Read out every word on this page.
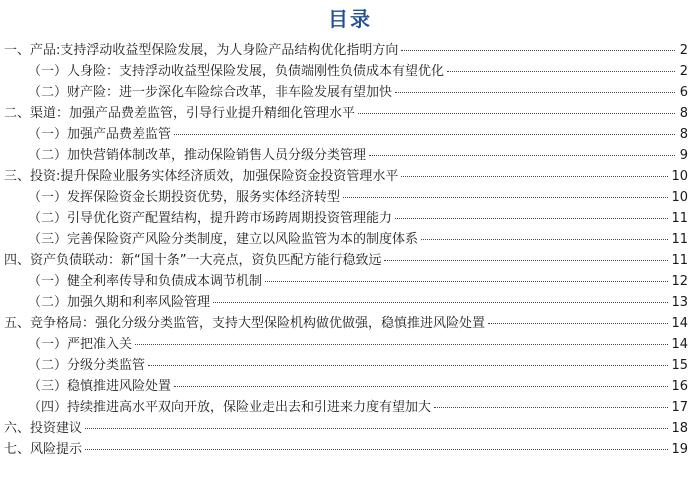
目录
一、产品:支持浮动收益型保险发展，为人身险产品结构优化指明方向	2
（一）人身险：支持浮动收益型保险发展，负债端刚性负债成本有望优化	2
（二）财产险：进一步深化车险综合改革，非车险发展有望加快	6
二、渠道：加强产品费差监管，引导行业提升精细化管理水平	8
（一）加强产品费差监管	8
（二）加快营销体制改革，推动保险销售人员分级分类管理	9
三、投资:提升保险业服务实体经济质效，加强保险资金投资管理水平	10
（一）发挥保险资金长期投资优势，服务实体经济转型	10
（二）引导优化资产配置结构，提升跨市场跨周期投资管理能力	11
（三）完善保险资产风险分类制度，建立以风险监管为本的制度体系	11
四、资产负债联动：新“国十条”一大亮点，资负匹配方能行稳致远	11
（一）健全利率传导和负债成本调节机制	12
（二）加强久期和利率风险管理	13
五、竞争格局：强化分级分类监管，支持大型保险机构做优做强，稳慎推进风险处置	14
（一）严把准入关	14
（二）分级分类监管	15
（三）稳慎推进风险处置	16
（四）持续推进高水平双向开放，保险业走出去和引进来力度有望加大	17
六、投资建议	18
七、风险提示	19
